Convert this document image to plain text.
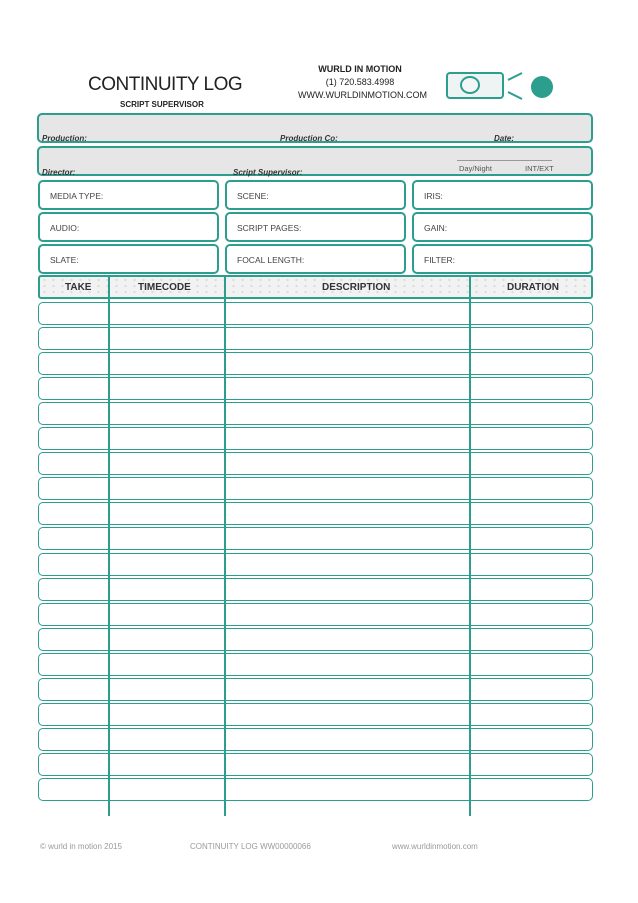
CONTINUITY LOG
SCRIPT SUPERVISOR
WURLD IN MOTION
(1) 720.583.4998
WWW.WURLDINMOTION.COM
Production:	Production Co:	Date:
Director:	Script Supervisor:	Day/Night	INT/EXT
MEDIA TYPE:	SCENE:	IRIS:
AUDIO:	SCRIPT PAGES:	GAIN:
SLATE:	FOCAL LENGTH:	FILTER:
TAKE	TIMECODE	DESCRIPTION	DURATION
© wurld in motion 2015	CONTINUITY LOG WW00000066	www.wurldinmotion.com
